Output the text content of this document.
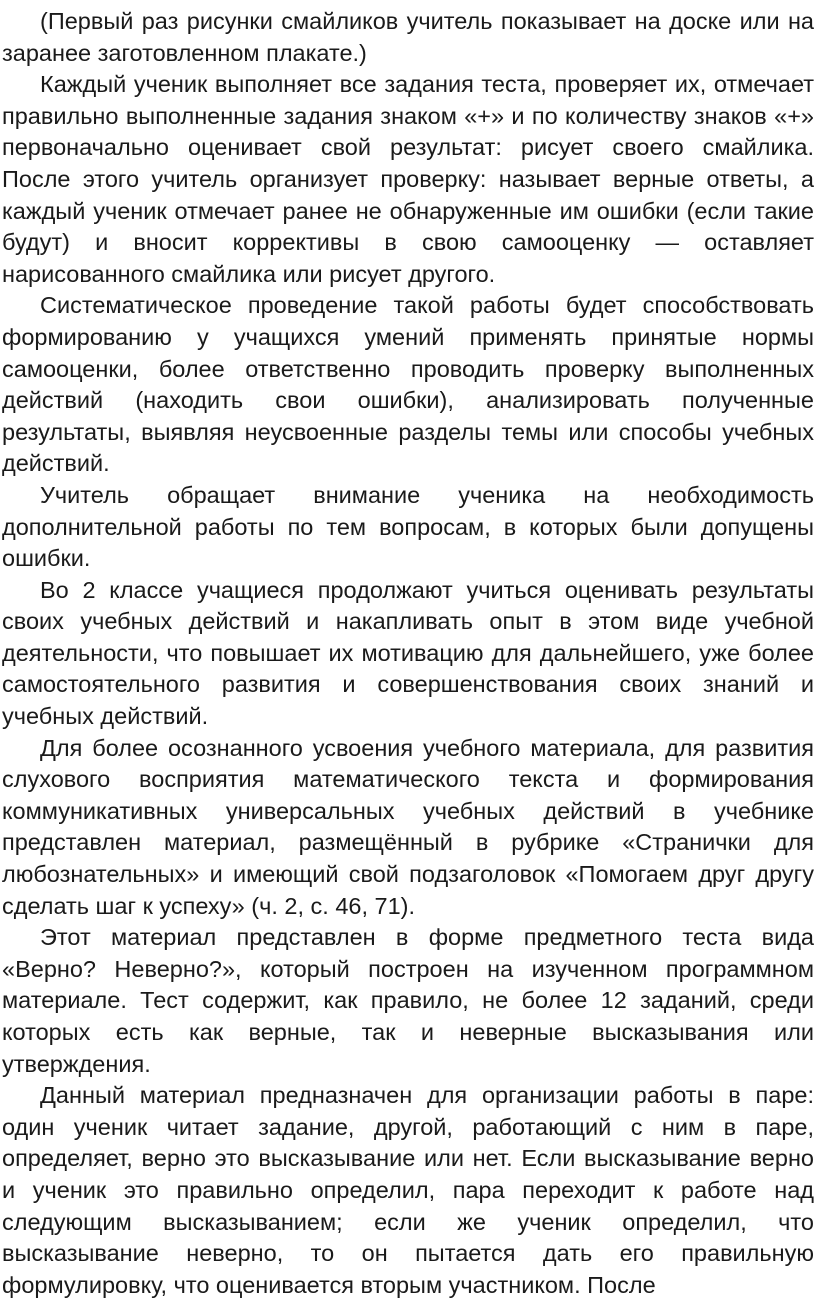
(Первый раз рисунки смайликов учитель показывает на доске или на заранее заготовленном плакате.)

Каждый ученик выполняет все задания теста, проверяет их, отмечает правильно выполненные задания знаком «+» и по количеству знаков «+» первоначально оценивает свой результат: рисует своего смайлика. После этого учитель организует проверку: называет верные ответы, а каждый ученик отмечает ранее не обнаруженные им ошибки (если такие будут) и вносит коррективы в свою самооценку — оставляет нарисованного смайлика или рисует другого.

Систематическое проведение такой работы будет способствовать формированию у учащихся умений применять принятые нормы самооценки, более ответственно проводить проверку выполненных действий (находить свои ошибки), анализировать полученные результаты, выявляя неусвоенные разделы темы или способы учебных действий.

Учитель обращает внимание ученика на необходимость дополнительной работы по тем вопросам, в которых были допущены ошибки.

Во 2 классе учащиеся продолжают учиться оценивать результаты своих учебных действий и накапливать опыт в этом виде учебной деятельности, что повышает их мотивацию для дальнейшего, уже более самостоятельного развития и совершенствования своих знаний и учебных действий.

Для более осознанного усвоения учебного материала, для развития слухового восприятия математического текста и формирования коммуникативных универсальных учебных действий в учебнике представлен материал, размещённый в рубрике «Странички для любознательных» и имеющий свой подзаголовок «Помогаем друг другу сделать шаг к успеху» (ч. 2, с. 46, 71).

Этот материал представлен в форме предметного теста вида «Верно? Неверно?», который построен на изученном программном материале. Тест содержит, как правило, не более 12 заданий, среди которых есть как верные, так и неверные высказывания или утверждения.

Данный материал предназначен для организации работы в паре: один ученик читает задание, другой, работающий с ним в паре, определяет, верно это высказывание или нет. Если высказывание верно и ученик это правильно определил, пара переходит к работе над следующим высказыванием; если же ученик определил, что высказывание неверно, то он пытается дать его правильную формулировку, что оценивается вторым участником. После
